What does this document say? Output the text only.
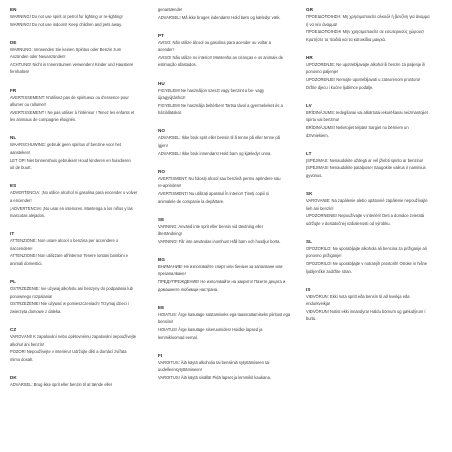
EN
WARNING! Do not use spirit or petrol for lighting or re-lighting!
WARNING! Do not use indoors! Keep children and pets away.
DE
WARNUNG: Verwenden Sie keinen Spiritus oder Benzin zum
Anzünden oder Neuanzünden!
ACHTUNG! Nicht in Innenräumen verwenden! Kinder und Haustiere
fernhalten!
FR
AVERTISSEMENT: N'utilisez pas de spiritueux ou d'essence pour
allumer ou rallumer!
AVERTISSEMENT ! Ne pas utiliser à l'intérieur ! Tenez les enfants et
les animaux de compagnie éloignés.
NL
WAARSCHUWING: gebruik geen spiritus of benzine voor het
aansteken!
LET OP! Niet binnenshuis gebruiken! Houd kinderen en huisdieren
uit de buurt.
ES
ADVERTENCIA: ¡No utilice alcohol ni gasolina para encender o volver
a encender!
¡ADVERTENCIA! ¡No usar en interiores. Mantenga a los niños y las
mascotas alejados.
IT
ATTENZIONE: Non usare alcool o benzina per accendere o
riaccendere!
ATTENZIONE! Non utilizzare all'interno! Tenere lontani bambini e
animali domestici.
PL
OSTRZEŻENIE: nie używaj alkoholu ani benzyny do podpalania lub
ponownego rozpalania!
OSTRZEŻENIE! Nie używać w pomieszczeniach! Trzymaj dzieci i
zwierzęta domowe z daleka.
CZ
VAROVÁNÍ! K zapalování nebo opětovnému zapalování nepoužívejte
alkohol ani benzín!
POZOR! Nepoužívejte v interiéru! Udržujte děti a domácí zvířata
mimo dosah.
DK
ADVARSEL: Brug ikke sprit eller benzin til at tænde eller
genantænde!
ADVARSEL! Må ikke bruges indendørs! Hold børn og kæledyr væk.
PT
AVISO: Não utilize álcool ou gasolina para acender ou voltar a
acender!
AVISO! Não utilize no interior! Mantenha as crianças e os animais de
estimação afastados.
HU
FIGYELEM! Ne használjon szeszt vagy benzint a be- vagy
újragyújtáshoz!
FIGYELEM! Ne használja beltérben! Tartsa távol a gyermekeket és a
háziállatokat.
NO
ADVARSEL: Ikke bruk sprit eller bensin til å tenne på eller tenne på
igjen!
ADVARSEL! Ikke bruk innendørs! Hold barn og kjæledyr unna.
RO
AVERTISMENT: Nu folosiți alcool sau benzină pentru aprindere sau
re-aprindere!
AVERTISMENT! Nu utilizați aparatul în interior! Țineți copiii și
animalele de companie la depărtare.
SE
VARNING: Använd inte sprit eller bensin vid tändning eller
återtändning!
VARNING! Får inte användas inomhus! Håll barn och husdjur borta.
BG
ВНИМАНИЕ! Не използвайте спирт или бензин за запалване или
презапалване!
ПРЕДУПРЕЖДЕНИЕ! Не използвайте на закрито! Пазете децата и
домашните любимци настрана.
EE
HOIATUS: Ärge kasutage süütamiseks ega taassüütamiseks piiritust ega
bensiini!
HOIATUS! Ärge kasutage siseruumides! Hoidke lapsed ja
lemmikloomad eemal.
FI
VAROITUS: Älä käytä alkoholia tai bensiiniä sytyttämiseen tai
uudelleensytyttämiseen!
VAROITUS! Älä käytä sisällä! Pidä lapset ja lemmikit kaukana.
GR
ΠΡΟΕΙΔΟΠΟΙΗΣΗ: Μη χρησιμοποιείτε αλκοόλ ή βενζίνη για άναμμα
ή να νέο άναμμα!
ΠΡΟΕΙΔΟΠΟΙΗΣΗ! Μην χρησιμοποιείτε σε εσωτερικούς χώρους!
Κρατήστε τα παιδιά και τα κατοικίδια μακριά.
HR
UPOZORENJE: Ne upotrebljavajte alkohol ili benzin za paljenje ili
ponovno paljenje!
UPOZORENJE! Nemojte upotrebljavati u zatvorenom prostoru!
Držite djecu i kućne ljubimce podalje.
LV
BRĪDINĀJUMS: Iedegšanai vai atkārtotai iekurēšanai neizmantojiet
spirtu vai benzīnu!
BRĪDINĀJUMS! Nelietojiet telpās! Sargiet no bērniem un
dzīvniekiem.
LT
ĮSPĖJIMAS: Nenaudokite uždegti ar vėl įžiebti spirito ar benzino!
ĮSPĖJIMAS! Nenaudokite patalpose! Saugokite vaikus ir naminius
gyvūnus.
SK
VAROVANIE: Na zapálenie alebo opätovné zapálenie nepoužívajte
lieh ani benzín!
UPOZORNENIE! Nepoužívajte v interiéri! Deti a domáce zvieratá
udržujte v dostatočnej vzdialenosti od výrobku.
SL
OPOZORILO: Ne uporabljajte alkohola ali bencina za prižiganje ali
ponovno prižiganje!
OPOZORILO! Ne uporabljajte v notranjih prostorih! Otroke in hišne
ljubljenčke zadržite stran.
IS
VIÐVÖRUN: Ekki nota spritt eða bensín til að kveikja eða
endurkveikja!
VIÐVÖRUN! Notist ekki innandyra! Haldu börnum og gæludýrum í
burtu.
